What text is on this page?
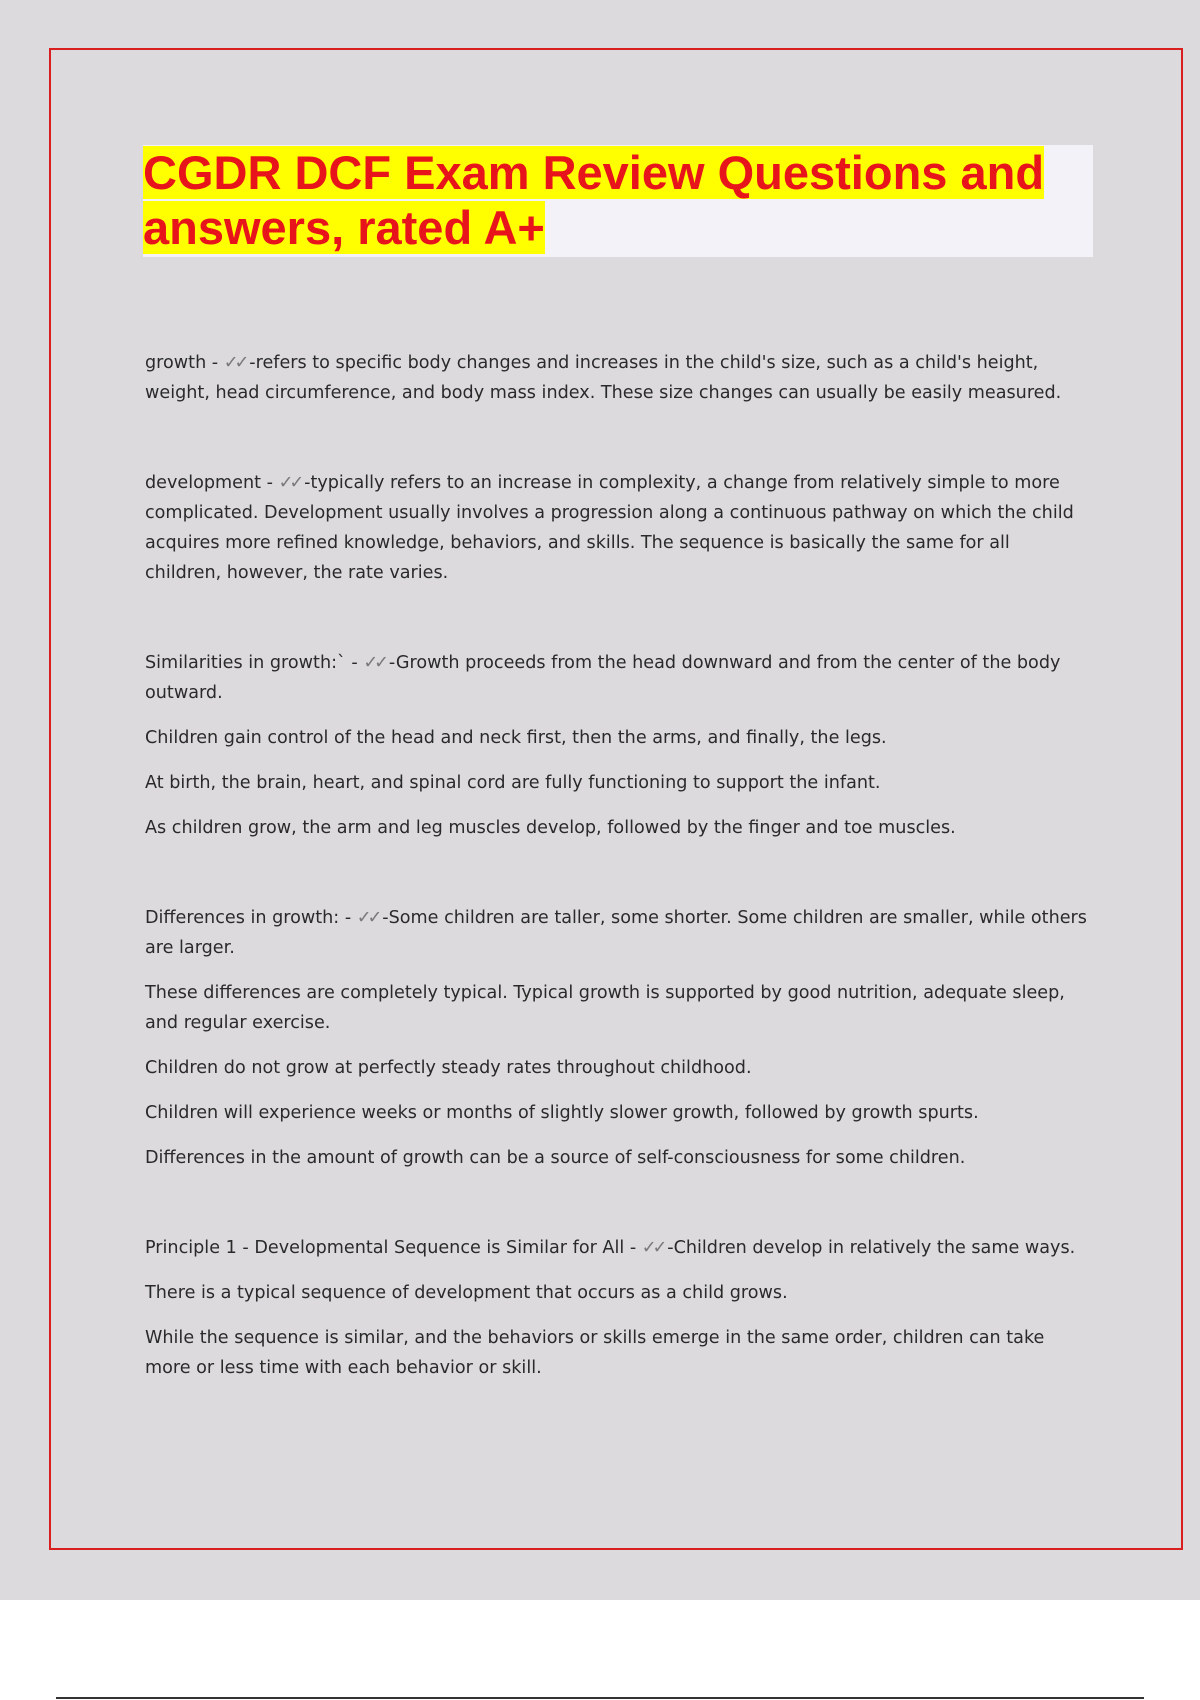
CGDR DCF Exam Review Questions and
answers, rated A+

growth - ✓✓ -refers to specific body changes and increases in the child's size, such as a child's height, weight, head circumference, and body mass index. These size changes can usually be easily measured.

development - ✓✓ -typically refers to an increase in complexity, a change from relatively simple to more complicated. Development usually involves a progression along a continuous pathway on which the child acquires more refined knowledge, behaviors, and skills. The sequence is basically the same for all children, however, the rate varies.

Similarities in growth:` - ✓✓ -Growth proceeds from the head downward and from the center of the body outward.

Children gain control of the head and neck first, then the arms, and finally, the legs.

At birth, the brain, heart, and spinal cord are fully functioning to support the infant.

As children grow, the arm and leg muscles develop, followed by the finger and toe muscles.

Differences in growth: - ✓✓ -Some children are taller, some shorter. Some children are smaller, while others are larger.

These differences are completely typical. Typical growth is supported by good nutrition, adequate sleep, and regular exercise.

Children do not grow at perfectly steady rates throughout childhood.

Children will experience weeks or months of slightly slower growth, followed by growth spurts.

Differences in the amount of growth can be a source of self-consciousness for some children.

Principle 1 - Developmental Sequence is Similar for All - ✓✓ -Children develop in relatively the same ways.

There is a typical sequence of development that occurs as a child grows.

While the sequence is similar, and the behaviors or skills emerge in the same order, children can take more or less time with each behavior or skill.
